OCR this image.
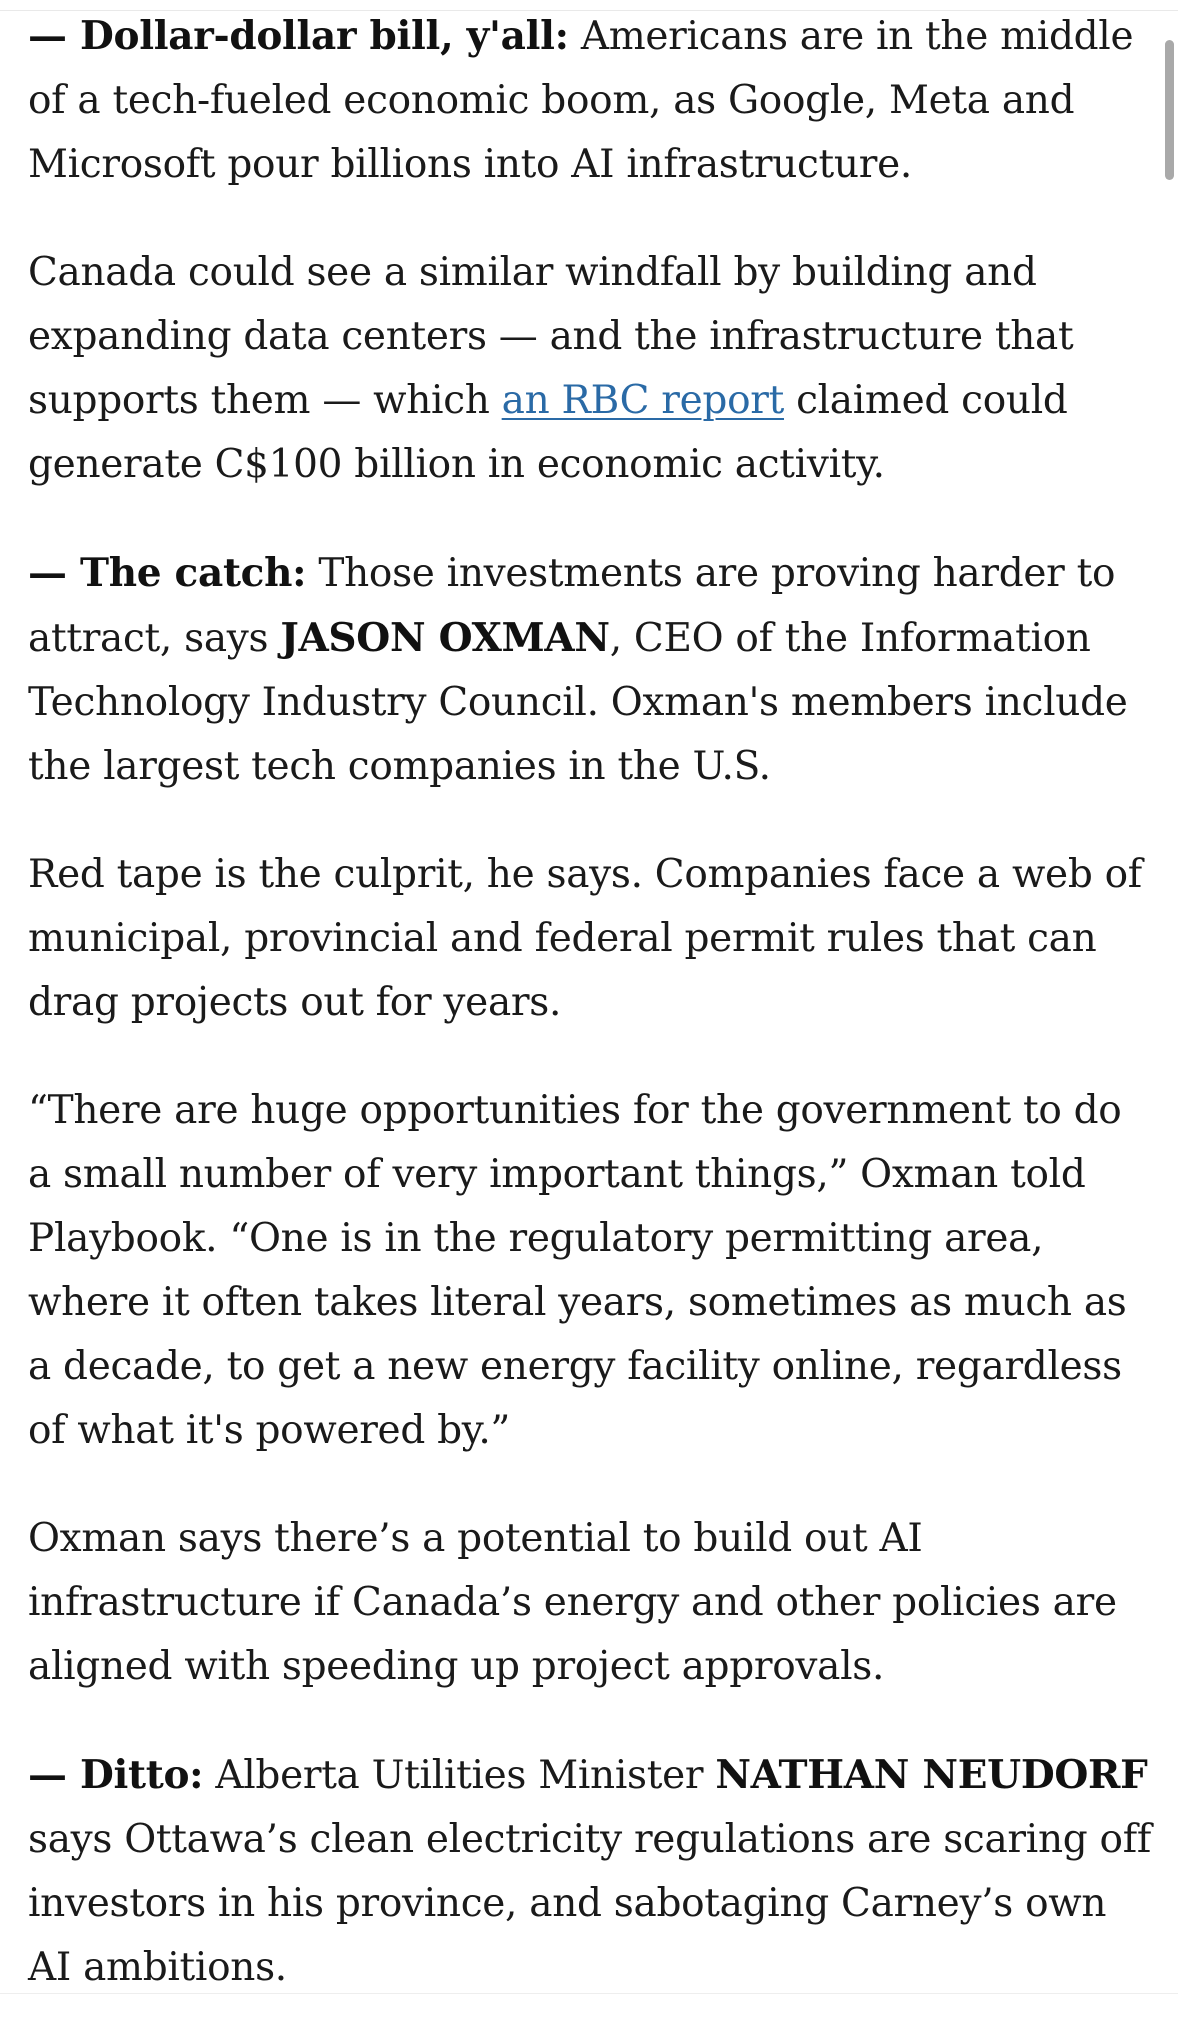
— Dollar-dollar bill, y'all: Americans are in the middle of a tech-fueled economic boom, as Google, Meta and Microsoft pour billions into AI infrastructure.

Canada could see a similar windfall by building and expanding data centers — and the infrastructure that supports them — which an RBC report claimed could generate C$100 billion in economic activity.

— The catch: Those investments are proving harder to attract, says JASON OXMAN, CEO of the Information Technology Industry Council. Oxman's members include the largest tech companies in the U.S.

Red tape is the culprit, he says. Companies face a web of municipal, provincial and federal permit rules that can drag projects out for years.

“There are huge opportunities for the government to do a small number of very important things,” Oxman told Playbook. “One is in the regulatory permitting area, where it often takes literal years, sometimes as much as a decade, to get a new energy facility online, regardless of what it's powered by.”

Oxman says there’s a potential to build out AI infrastructure if Canada’s energy and other policies are aligned with speeding up project approvals.

— Ditto: Alberta Utilities Minister NATHAN NEUDORF says Ottawa’s clean electricity regulations are scaring off investors in his province, and sabotaging Carney’s own AI ambitions.
